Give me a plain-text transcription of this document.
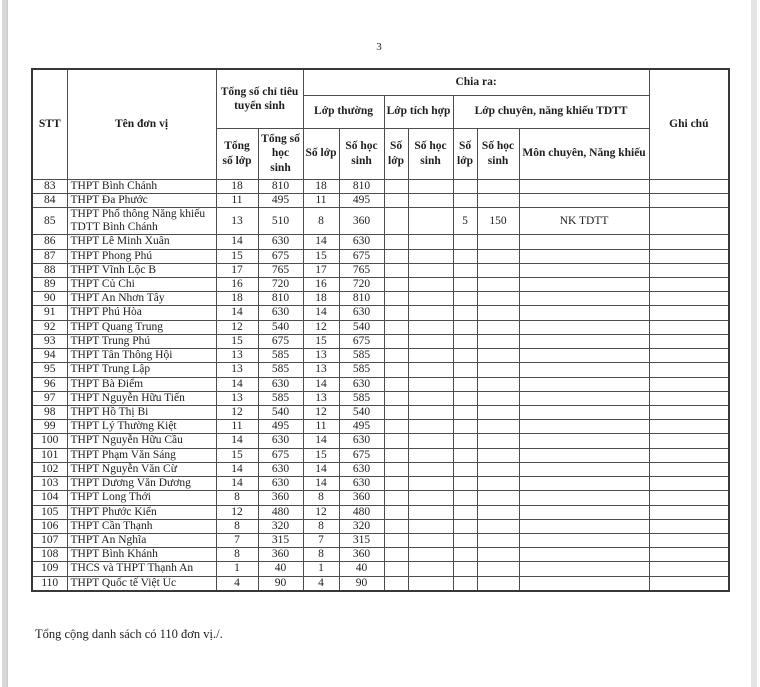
3
STT	Tên đơn vị	Tổng số chỉ tiêu tuyển sinh		Chia ra:							Ghi chú
				Lớp thường		Lớp tích hợp		Lớp chuyên, năng khiếu TDTT			
		Tổng số lớp	Tổng số học sinh	Số lớp	Số học sinh	Số lớp	Số học sinh	Số lớp	Số học sinh	Môn chuyên, Năng khiếu	
83	THPT Bình Chánh	18	810	18	810						
84	THPT Đa Phước	11	495	11	495						
85	THPT Phổ thông Năng khiếu TDTT Bình Chánh	13	510	8	360			5	150	NK TDTT	
86	THPT Lê Minh Xuân	14	630	14	630						
87	THPT Phong Phú	15	675	15	675						
88	THPT Vĩnh Lộc B	17	765	17	765						
89	THPT Củ Chi	16	720	16	720						
90	THPT An Nhơn Tây	18	810	18	810						
91	THPT Phú Hòa	14	630	14	630						
92	THPT Quang Trung	12	540	12	540						
93	THPT Trung Phú	15	675	15	675						
94	THPT Tân Thông Hội	13	585	13	585						
95	THPT Trung Lập	13	585	13	585						
96	THPT Bà Điểm	14	630	14	630						
97	THPT Nguyễn Hữu Tiến	13	585	13	585						
98	THPT Hồ Thị Bi	12	540	12	540						
99	THPT Lý Thường Kiệt	11	495	11	495						
100	THPT Nguyễn Hữu Cầu	14	630	14	630						
101	THPT Phạm Văn Sáng	15	675	15	675						
102	THPT Nguyễn Văn Cừ	14	630	14	630						
103	THPT Dương Văn Dương	14	630	14	630						
104	THPT Long Thới	8	360	8	360						
105	THPT Phước Kiển	12	480	12	480						
106	THPT Cần Thạnh	8	320	8	320						
107	THPT An Nghĩa	7	315	7	315						
108	THPT Bình Khánh	8	360	8	360						
109	THCS và THPT Thạnh An	1	40	1	40						
110	THPT Quốc tế Việt Úc	4	90	4	90						
Tổng cộng danh sách có 110 đơn vị./.
